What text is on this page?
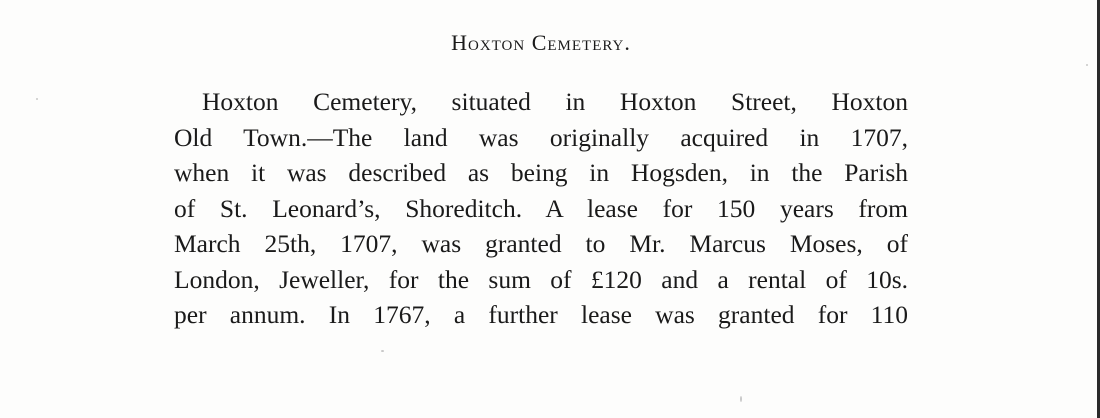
Hoxton Cemetery.
Hoxton Cemetery, situated in Hoxton Street, Hoxton
Old Town.—The land was originally acquired in 1707,
when it was described as being in Hogsden, in the Parish
of St. Leonard’s, Shoreditch. A lease for 150 years from
March 25th, 1707, was granted to Mr. Marcus Moses, of
London, Jeweller, for the sum of £120 and a rental of 10s.
per annum. In 1767, a further lease was granted for 110
